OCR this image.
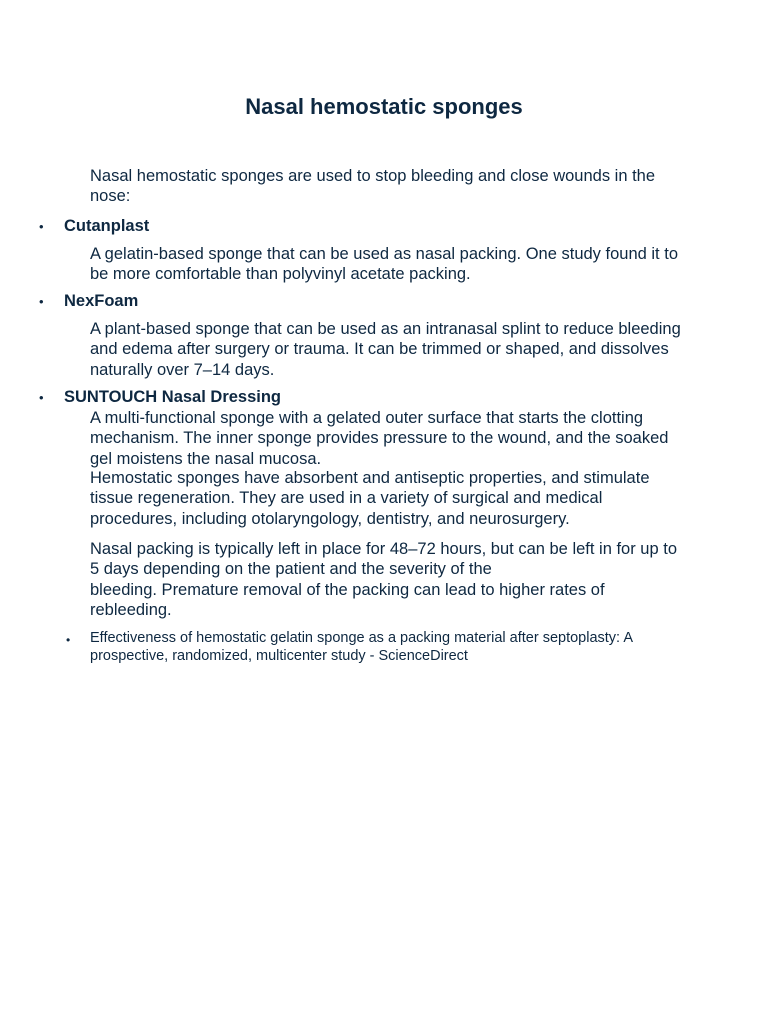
Nasal hemostatic sponges

Nasal hemostatic sponges are used to stop bleeding and close wounds in the nose:

• Cutanplast

A gelatin-based sponge that can be used as nasal packing. One study found it to be more comfortable than polyvinyl acetate packing.

• NexFoam

A plant-based sponge that can be used as an intranasal splint to reduce bleeding and edema after surgery or trauma. It can be trimmed or shaped, and dissolves naturally over 7–14 days.

• SUNTOUCH Nasal Dressing

A multi-functional sponge with a gelated outer surface that starts the clotting mechanism. The inner sponge provides pressure to the wound, and the soaked gel moistens the nasal mucosa.

Hemostatic sponges have absorbent and antiseptic properties, and stimulate tissue regeneration. They are used in a variety of surgical and medical procedures, including otolaryngology, dentistry, and neurosurgery.

Nasal packing is typically left in place for 48–72 hours, but can be left in for up to 5 days depending on the patient and the severity of the
bleeding. Premature removal of the packing can lead to higher rates of rebleeding.

• Effectiveness of hemostatic gelatin sponge as a packing material after septoplasty: A prospective, randomized, multicenter study - ScienceDirect
